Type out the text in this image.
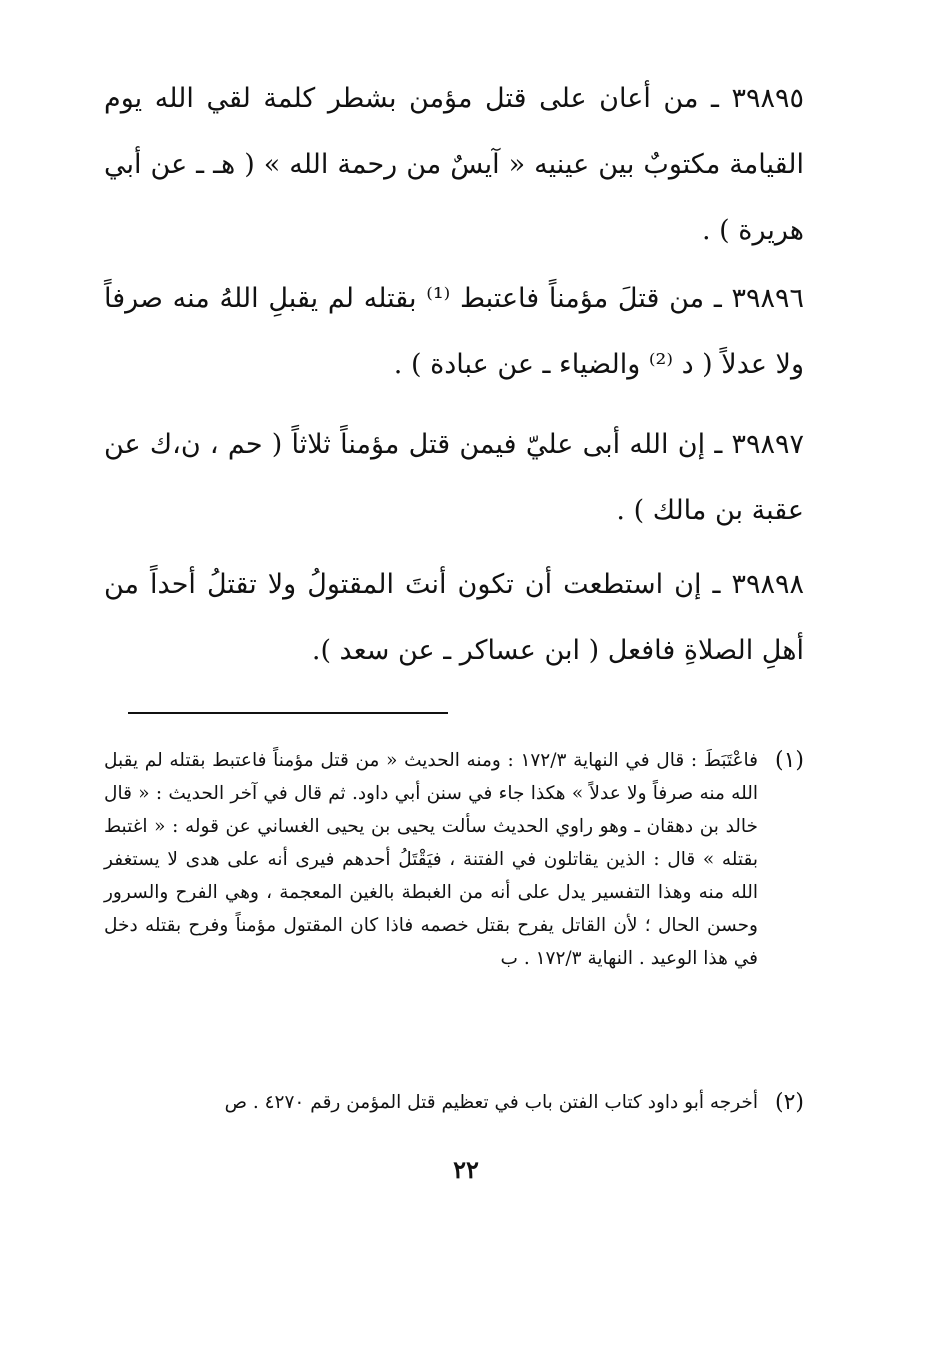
٣٩٨٩٥ ـ من أعان على قتل مؤمن بشطر كلمة لقي الله يوم القيامة مكتوبٌ بين عينيه « آيسٌ من رحمة الله » ( هـ ـ عن أبي هريرة ) .

٣٩٨٩٦ ـ من قتلَ مؤمناً فاعتبط ⁽¹⁾ بقتله لم يقبلِ اللهُ منه صرفاً ولا عدلاً ( د ⁽²⁾ والضياء ـ عن عبادة ) .

٣٩٨٩٧ ـ إن الله أبى عليّ فيمن قتل مؤمناً ثلاثاً ( حم ، ن،ك عن عقبة بن مالك ) .

٣٩٨٩٨ ـ إن استطعت أن تكون أنتَ المقتولُ ولا تقتلُ أحداً من أهلِ الصلاةِ فافعل ( ابن عساكر ـ عن سعد ).

(١)
فاعْتَبَطَ : قال في النهاية ١٧٢/٣ : ومنه الحديث « من قتل مؤمناً فاعتبط بقتله لم يقبل الله منه صرفاً ولا عدلاً » هكذا جاء في سنن أبي داود. ثم قال في آخر الحديث : « قال خالد بن دهقان ـ وهو راوي الحديث سألت يحيى بن يحيى الغساني عن قوله : « اغتبط بقتله » قال : الذين يقاتلون في الفتنة ، فيَقْتَلُ أحدهم فيرى أنه على هدى لا يستغفر الله منه وهذا التفسير يدل على أنه من الغبطة بالغين المعجمة ، وهي الفرح والسرور وحسن الحال ؛ لأن القاتل يفرح بقتل خصمه فاذا كان المقتول مؤمناً وفرح بقتله دخل في هذا الوعيد . النهاية ١٧٢/٣ . ب
(٢)
أخرجه أبو داود كتاب الفتن باب في تعظيم قتل المؤمن رقم ٤٢٧٠ . ص
٢٢
